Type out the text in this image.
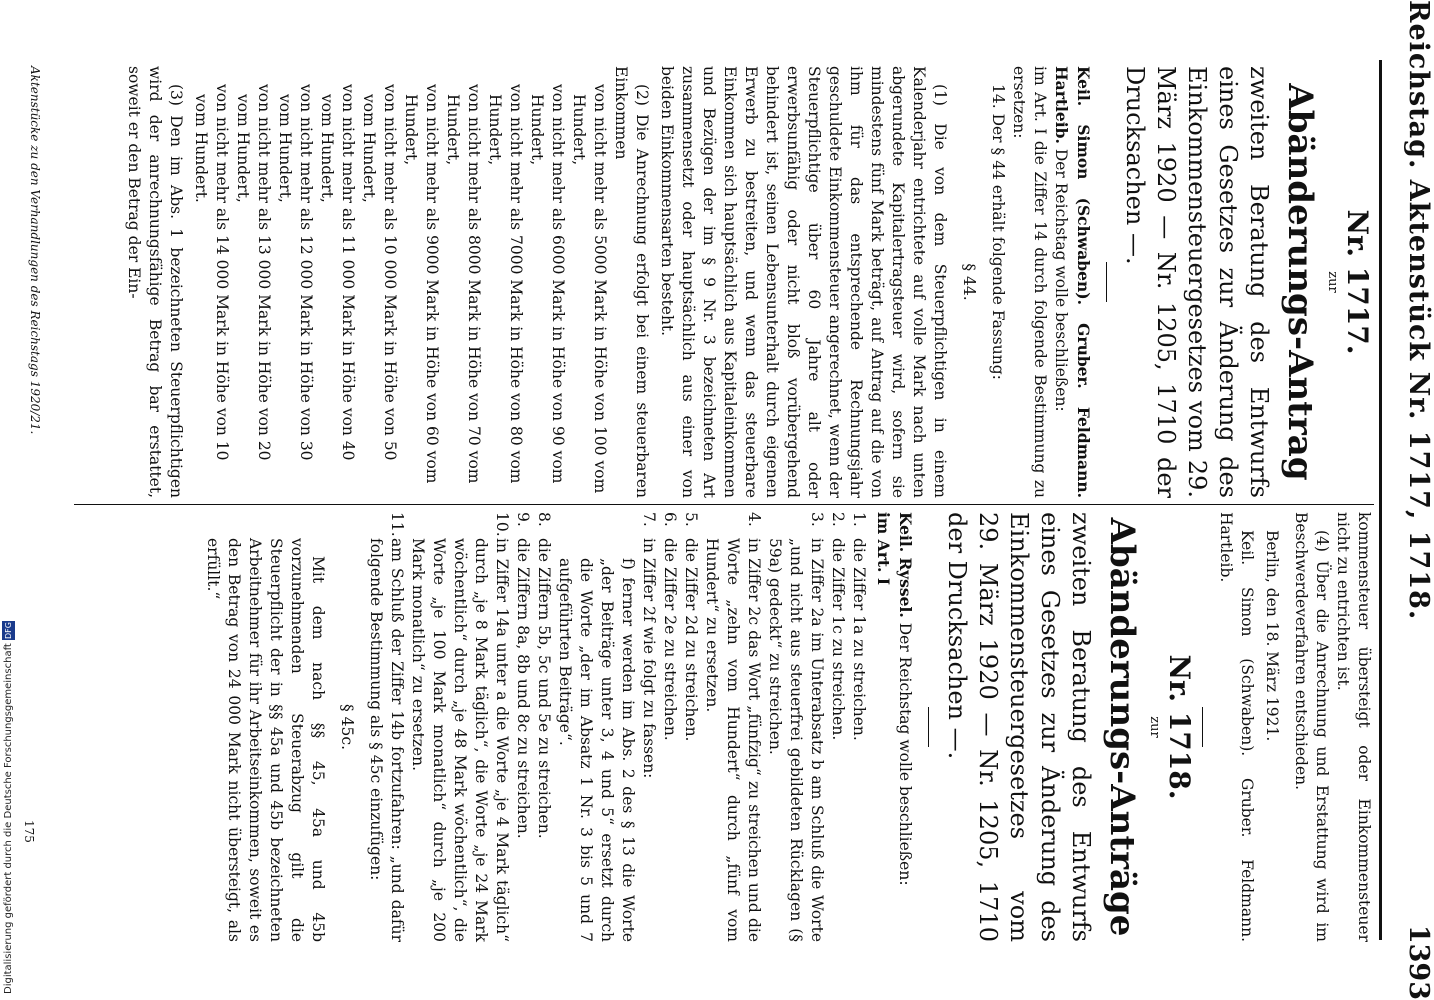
Reichstag. Aktenstück Nr. 1717, 1718.
1393
Nr. 1717.
zur
Abänderungs-Antrag
zweiten Beratung des Entwurfs eines Gesetzes zur Änderung des Einkommensteuergesetzes vom 29. März 1920 — Nr. 1205, 1710 der Drucksachen —.

Keil. Simon (Schwaben). Gruber. Feldmann. Hartleib. Der Reichstag wolle beschließen:

im Art. I die Ziffer 14 durch folgende Bestimmung zu ersetzen:

14. Der § 44 erhält folgende Fassung:

§ 44.

(1) Die von dem Steuerpflichtigen in einem Kalenderjahr entrichtete auf volle Mark nach unten abgerundete Kapitalertragsteuer wird, sofern sie mindestens fünf Mark beträgt, auf Antrag auf die von ihm für das entsprechende Rechnungsjahr geschuldete Einkommensteuer angerechnet, wenn der Steuerpflichtige über 60 Jahre alt oder erwerbsunfähig oder nicht bloß vorübergehend behindert ist, seinen Lebensunterhalt durch eigenen Erwerb zu bestreiten, und wenn das steuerbare Einkommen sich hauptsächlich aus Kapitaleinkommen und Bezügen der im § 9 Nr. 3 bezeichneten Art zusammensetzt oder hauptsächlich aus einer von beiden Einkommensarten besteht.

(2) Die Anrechnung erfolgt bei einem steuerbaren Einkommen

von nicht mehr als 5000 Mark in Höhe von 100 vom Hundert,
von nicht mehr als 6000 Mark in Höhe von 90 vom Hundert,
von nicht mehr als 7000 Mark in Höhe von 80 vom Hundert,
von nicht mehr als 8000 Mark in Höhe von 70 vom Hundert,
von nicht mehr als 9000 Mark in Höhe von 60 vom Hundert,
von nicht mehr als 10 000 Mark in Höhe von 50 vom Hundert,
von nicht mehr als 11 000 Mark in Höhe von 40 vom Hundert,
von nicht mehr als 12 000 Mark in Höhe von 30 vom Hundert,
von nicht mehr als 13 000 Mark in Höhe von 20 vom Hundert,
von nicht mehr als 14 000 Mark in Höhe von 10 vom Hundert.

(3) Den im Abs. 1 bezeichneten Steuerpflichtigen wird der anrechnungsfähige Betrag bar erstattet, soweit er den Betrag der Ein-

kommensteuer übersteigt oder Einkommensteuer nicht zu entrichten ist.

(4) Über die Anrechnung und Erstattung wird im Beschwerdeverfahren entschieden.

Berlin, den 18. März 1921.

Keil. Simon (Schwaben). Gruber. Feldmann. Hartleib.

Nr. 1718.
zur
Abänderungs-Anträge
zweiten Beratung des Entwurfs eines Gesetzes zur Änderung des Einkommensteuergesetzes vom 29. März 1920 — Nr. 1205, 1710 der Drucksachen —.

Keil. Ryssel. Der Reichstag wolle beschließen:

im Art. I

1.
die Ziffer 1a zu streichen.
2.
die Ziffer 1c zu streichen.
3.
in Ziffer 2a im Unterabsatz b am Schluß die Worte „und nicht aus steuerfrei gebildeten Rücklagen (§ 59a) gedeckt“ zu streichen.
4.
in Ziffer 2c das Wort „fünfzig“ zu streichen und die Worte „zehn vom Hundert“ durch „fünf vom Hundert“ zu ersetzen.
5.
die Ziffer 2d zu streichen.
6.
die Ziffer 2e zu streichen.
7.
in Ziffer 2f wie folgt zu fassen:
f) ferner werden im Abs. 2 des § 13 die Worte „der Beiträge unter 3, 4 und 5“ ersetzt durch die Worte „der im Absatz 1 Nr. 3 bis 5 und 7 aufgeführten Beiträge“.
8.
die Ziffern 5b, 5c und 5e zu streichen.
9.
die Ziffern 8a, 8b und 8c zu streichen.
10.
in Ziffer 14a unter a die Worte „je 4 Mark täglich“ durch „je 8 Mark täglich“, die Worte „je 24 Mark wöchentlich“ durch „je 48 Mark wöchentlich“, die Worte „je 100 Mark monatlich“ durch „je 200 Mark monatlich“ zu ersetzen.
11.
am Schluß der Ziffer 14b fortzufahren: „und dafür folgende Bestimmung als § 45c einzufügen:
§ 45c.

Mit dem nach §§ 45, 45a und 45b vorzunehmenden Steuerabzug gilt die Steuerpflicht der in §§ 45a und 45b bezeichneten Arbeitnehmer für ihr Arbeitseinkommen, soweit es den Betrag von 24 000 Mark nicht übersteigt, als erfüllt.“

Aktenstücke zu den Verhandlungen des Reichstags 1920/21.
175
Digitalisierung gefördert durch die Deutsche Forschungsgemeinschaft DFG
